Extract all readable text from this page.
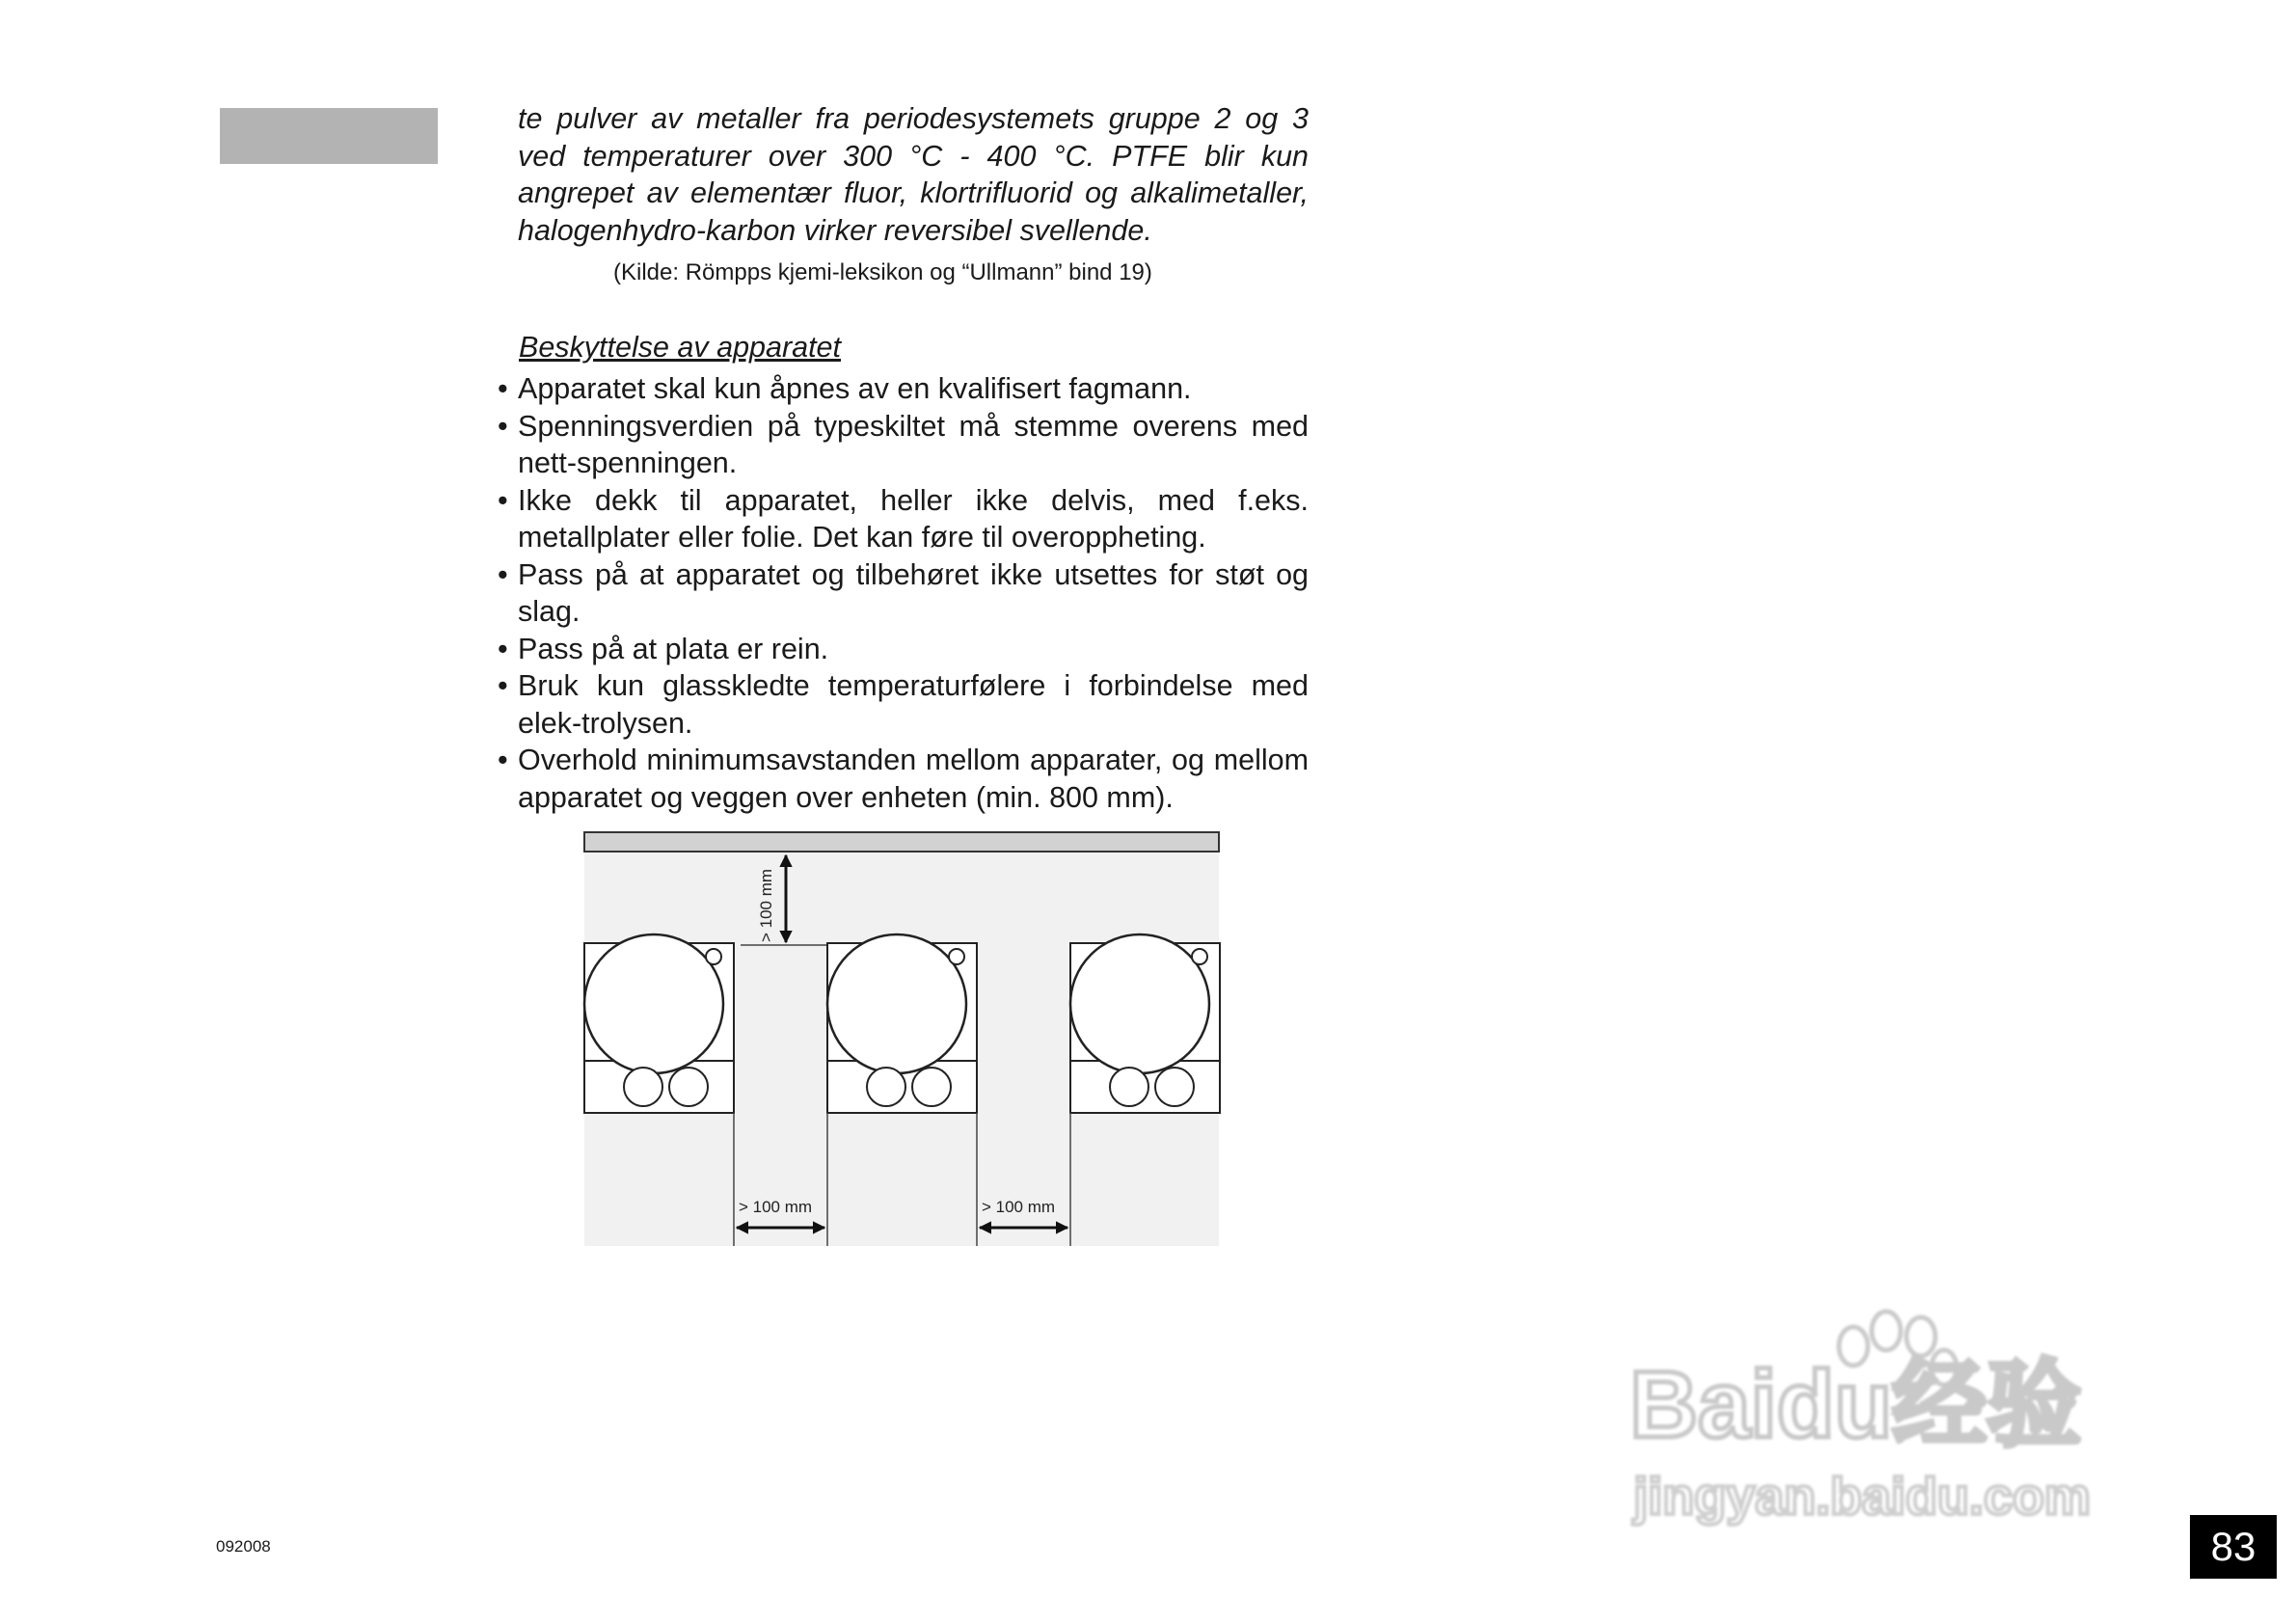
te pulver av metaller fra periodesystemets gruppe 2 og 3 ved temperaturer over 300 °C - 400 °C. PTFE blir kun angrepet av elementær fluor, klortrifluorid og alkalimetaller, halogenhydro-karbon virker reversibel svellende.

(Kilde: Römpps kjemi-leksikon og “Ullmann” bind 19)

Beskyttelse av apparatet

• Apparatet skal kun åpnes av en kvalifisert fagmann.
• Spenningsverdien på typeskiltet må stemme overens med nett-spenningen.
• Ikke dekk til apparatet, heller ikke delvis, med f.eks. metallplater eller folie. Det kan føre til overoppheting.
• Pass på at apparatet og tilbehøret ikke utsettes for støt og slag.
• Pass på at plata er rein.
• Bruk kun glasskledte temperaturfølere i forbindelse med elek-trolysen.
• Overhold minimumsavstanden mellom apparater, og mellom apparatet og veggen over enheten (min. 800 mm).
> 100 mm
> 100 mm	> 100 mm

092008	83
Baidu经验
jingyan.baidu.com
